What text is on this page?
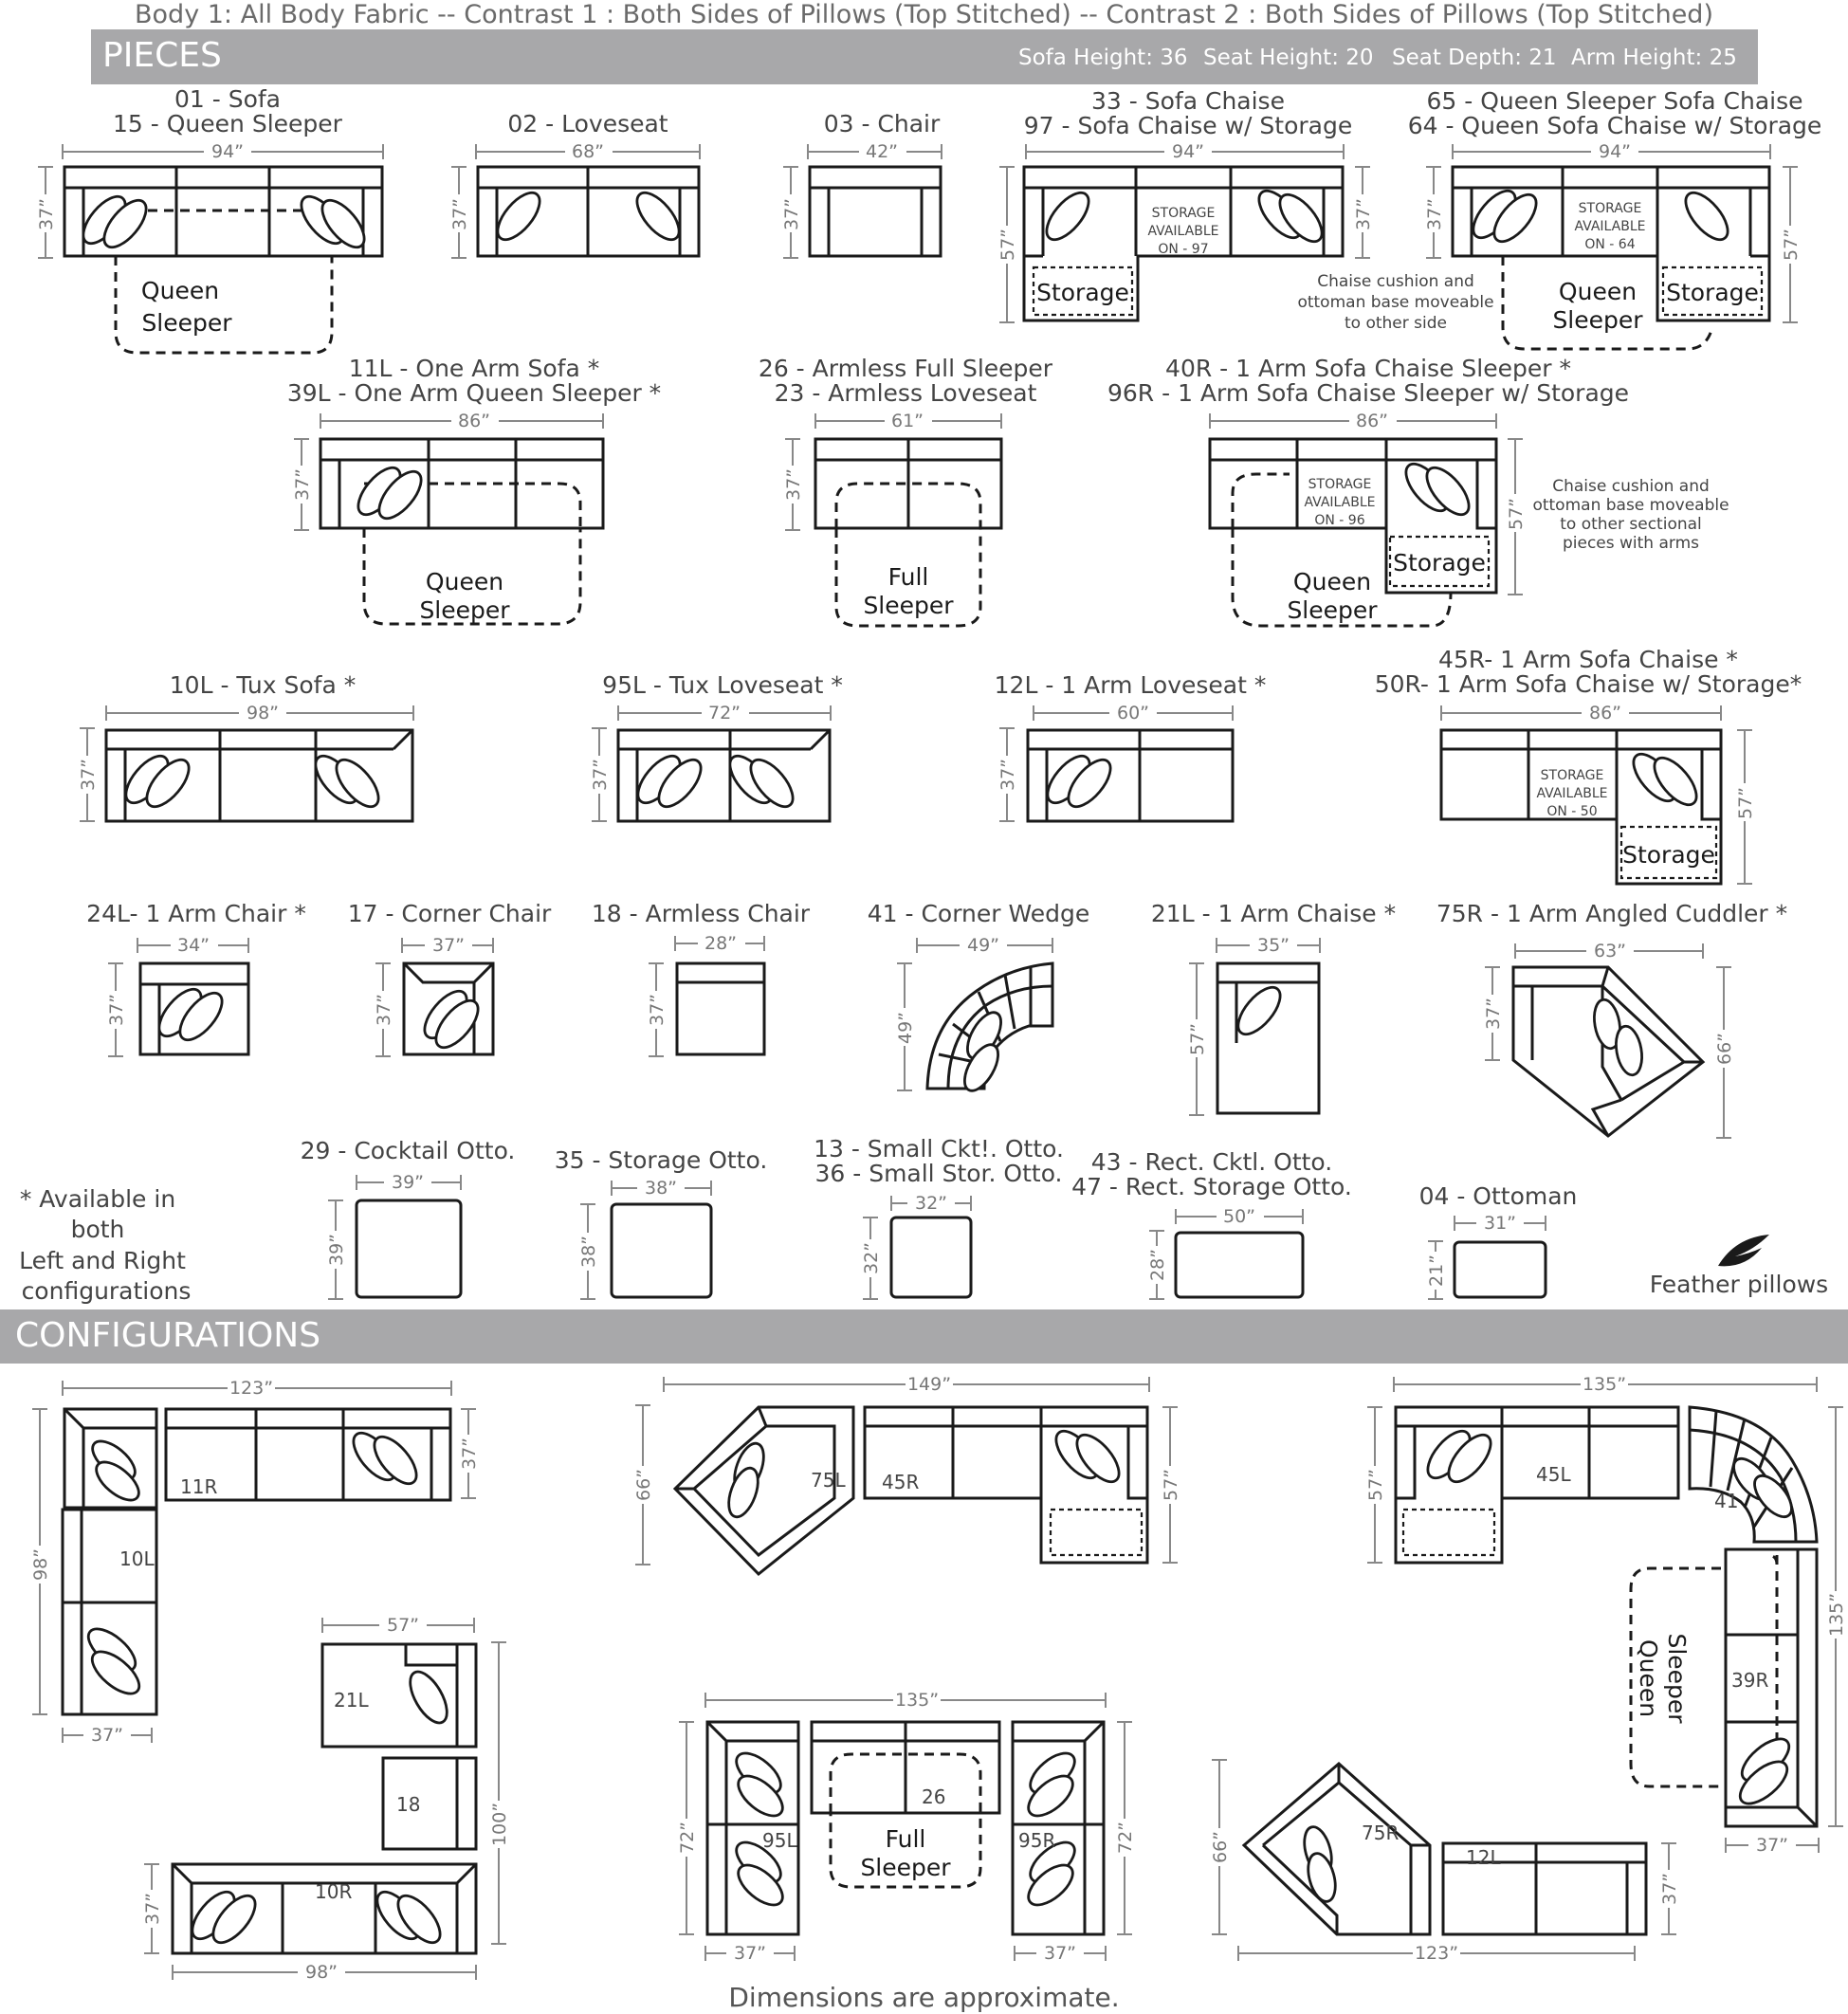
01 - Sofa
15 - Queen Sleeper
94”
37”
Queen
Sleeper
02 - Loveseat
68”
37”
03 - Chair
42”
37”
33 - Sofa Chaise
97 - Sofa Chaise w/ Storage
94”
57”
37”
Storage
STORAGE
AVAILABLE
ON - 97
Chaise cushion and
ottoman base moveable
to other side
65 - Queen Sleeper Sofa Chaise
64 - Queen Sofa Chaise w/ Storage
94”
37”
57”
Storage
STORAGE
AVAILABLE
ON - 64
Queen
Sleeper
11L - One Arm Sofa *
39L - One Arm Queen Sleeper *
86”
37”
Queen
Sleeper
26 - Armless Full Sleeper
23 - Armless Loveseat
61”
37”
Full
Sleeper
40R - 1 Arm Sofa Chaise Sleeper *
96R - 1 Arm Sofa Chaise Sleeper w/ Storage
86”
57”
Storage
STORAGE
AVAILABLE
ON - 96
Queen
Sleeper
Chaise cushion and
ottoman base moveable
to other sectional
pieces with arms
10L - Tux Sofa *
98”
37”
95L - Tux Loveseat *
72”
37”
12L - 1 Arm Loveseat *
60”
37”
45R- 1 Arm Sofa Chaise *
50R- 1 Arm Sofa Chaise w/ Storage*
86”
57”
Storage
STORAGE
AVAILABLE
ON - 50
24L- 1 Arm Chair *
34”
37”
17 - Corner Chair
37”
37”
18 - Armless Chair
28”
37”
41 - Corner Wedge
49”
49”
21L - 1 Arm Chaise *
35”
57”
75R - 1 Arm Angled Cuddler *
63”
37”
66”
29 - Cocktail Otto.
39”
39”
35 - Storage Otto.
38”
38”
13 - Small Ckt!. Otto.
36 - Small Stor. Otto.
32”
32”
43 - Rect. Cktl. Otto.
47 - Rect. Storage Otto.
50”
28”
04 - Ottoman
31”
21”
* Available in
both
Left and Right
configurations	Feather pillows
123”
98”
37”
37”
11R
10L
57”
100”
98”
37”
21L
18
10R
149”
66”	57”
75L 45R
135”
72”	72”
37”	37”
95L
26
Full
Sleeper
95R
135”
57”
135”
37”
45L
41
39R
Queen Sleeper
123”
66”
37”
75R
12L
Body 1: All Body Fabric -- Contrast 1 : Both Sides of Pillows (Top Stitched) -- Contrast 2 : Both Sides of Pillows (Top Stitched)
PIECES	Sofa Height: 36 Seat Height: 20 Seat Depth: 21 Arm Height: 25
CONFIGURATIONS
Dimensions are approximate.
